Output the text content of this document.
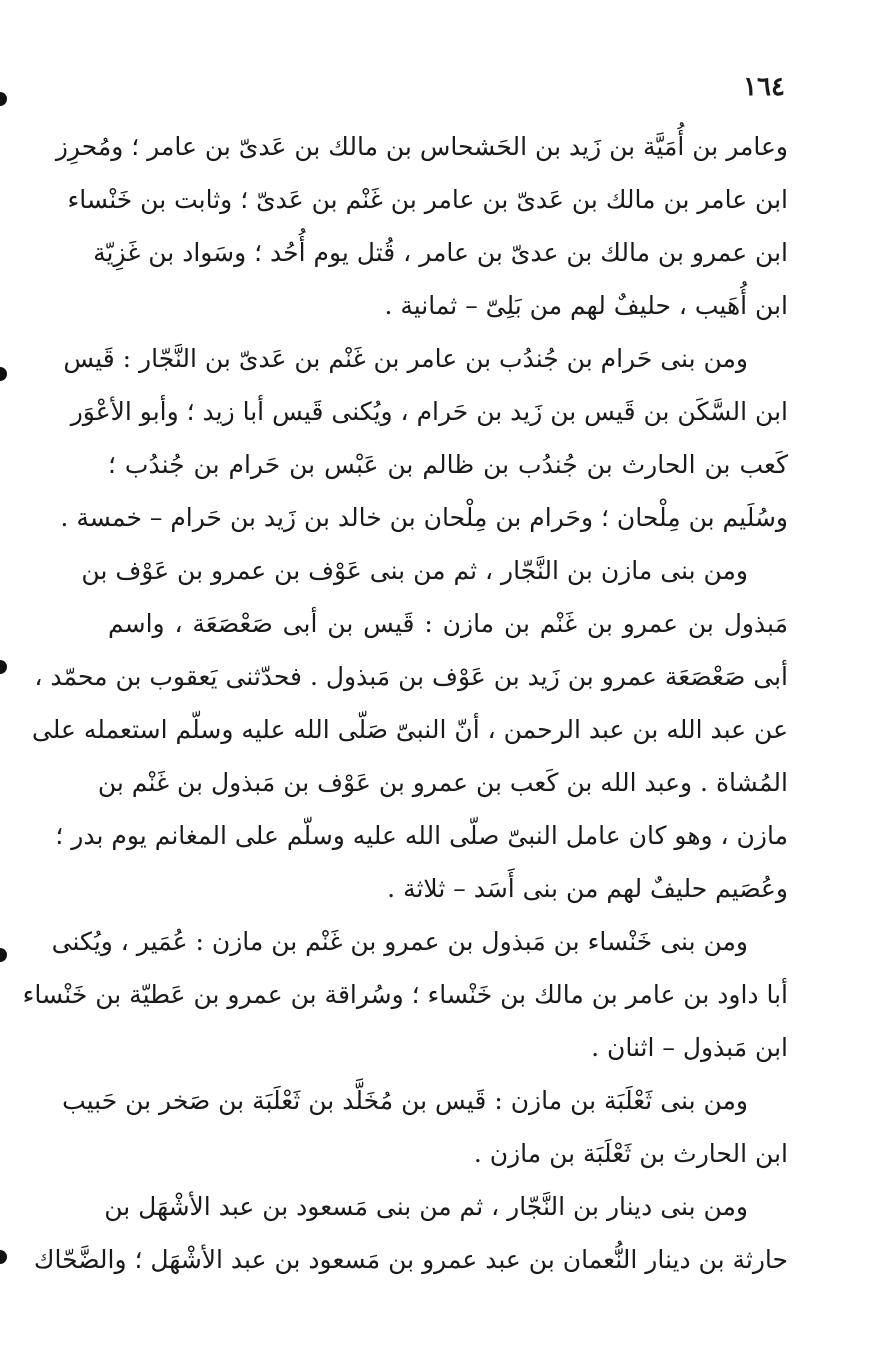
١٦٤
وعامر بن أُمَيَّة بن زَيد بن الحَشحاس بن مالك بن عَدىّ بن عامر ؛ ومُحرِز
ابن عامر بن مالك بن عَدىّ بن عامر بن غَنْم بن عَدىّ ؛ وثابت بن خَنْساء
ابن عمرو بن مالك بن عدىّ بن عامر ، قُتل يوم أُحُد ؛ وسَواد بن غَزِيّة
ابن أُهَيب ، حليفٌ لهم من بَلِىّ – ثمانية .
ومن بنى حَرام بن جُندُب بن عامر بن غَنْم بن عَدىّ بن النَّجّار : قَيس
ابن السَّكَن بن قَيس بن زَيد بن حَرام ، ويُكنى قَيس أبا زيد ؛ وأبو الأعْوَر
كَعب بن الحارث بن جُندُب بن ظالم بن عَبْس بن حَرام بن جُندُب ؛
وسُلَيم بن مِلْحان ؛ وحَرام بن مِلْحان بن خالد بن زَيد بن حَرام – خمسة .
ومن بنى مازن بن النَّجّار ، ثم من بنى عَوْف بن عمرو بن عَوْف بن
مَبذول بن عمرو بن غَنْم بن مازن : قَيس بن أبى صَعْصَعَة ، واسم
أبى صَعْصَعَة عمرو بن زَيد بن عَوْف بن مَبذول . فحدّثنى يَعقوب بن محمّد ،
عن عبد الله بن عبد الرحمن ، أنّ النبىّ صَلّى الله عليه وسلّم استعمله على
المُشاة . وعبد الله بن كَعب بن عمرو بن عَوْف بن مَبذول بن غَنْم بن
مازن ، وهو كان عامل النبىّ صلّى الله عليه وسلّم على المغانم يوم بدر ؛
وعُصَيم حليفٌ لهم من بنى أَسَد – ثلاثة .
ومن بنى خَنْساء بن مَبذول بن عمرو بن غَنْم بن مازن : عُمَير ، ويُكنى
أبا داود بن عامر بن مالك بن خَنْساء ؛ وسُراقة بن عمرو بن عَطيّة بن خَنْساء
ابن مَبذول – اثنان .
ومن بنى ثَعْلَبَة بن مازن : قَيس بن مُخَلَّد بن ثَعْلَبَة بن صَخر بن حَبيب
ابن الحارث بن ثَعْلَبَة بن مازن .
ومن بنى دينار بن النَّجّار ، ثم من بنى مَسعود بن عبد الأشْهَل بن
حارثة بن دينار النُّعمان بن عبد عمرو بن مَسعود بن عبد الأشْهَل ؛ والضَّحّاك
